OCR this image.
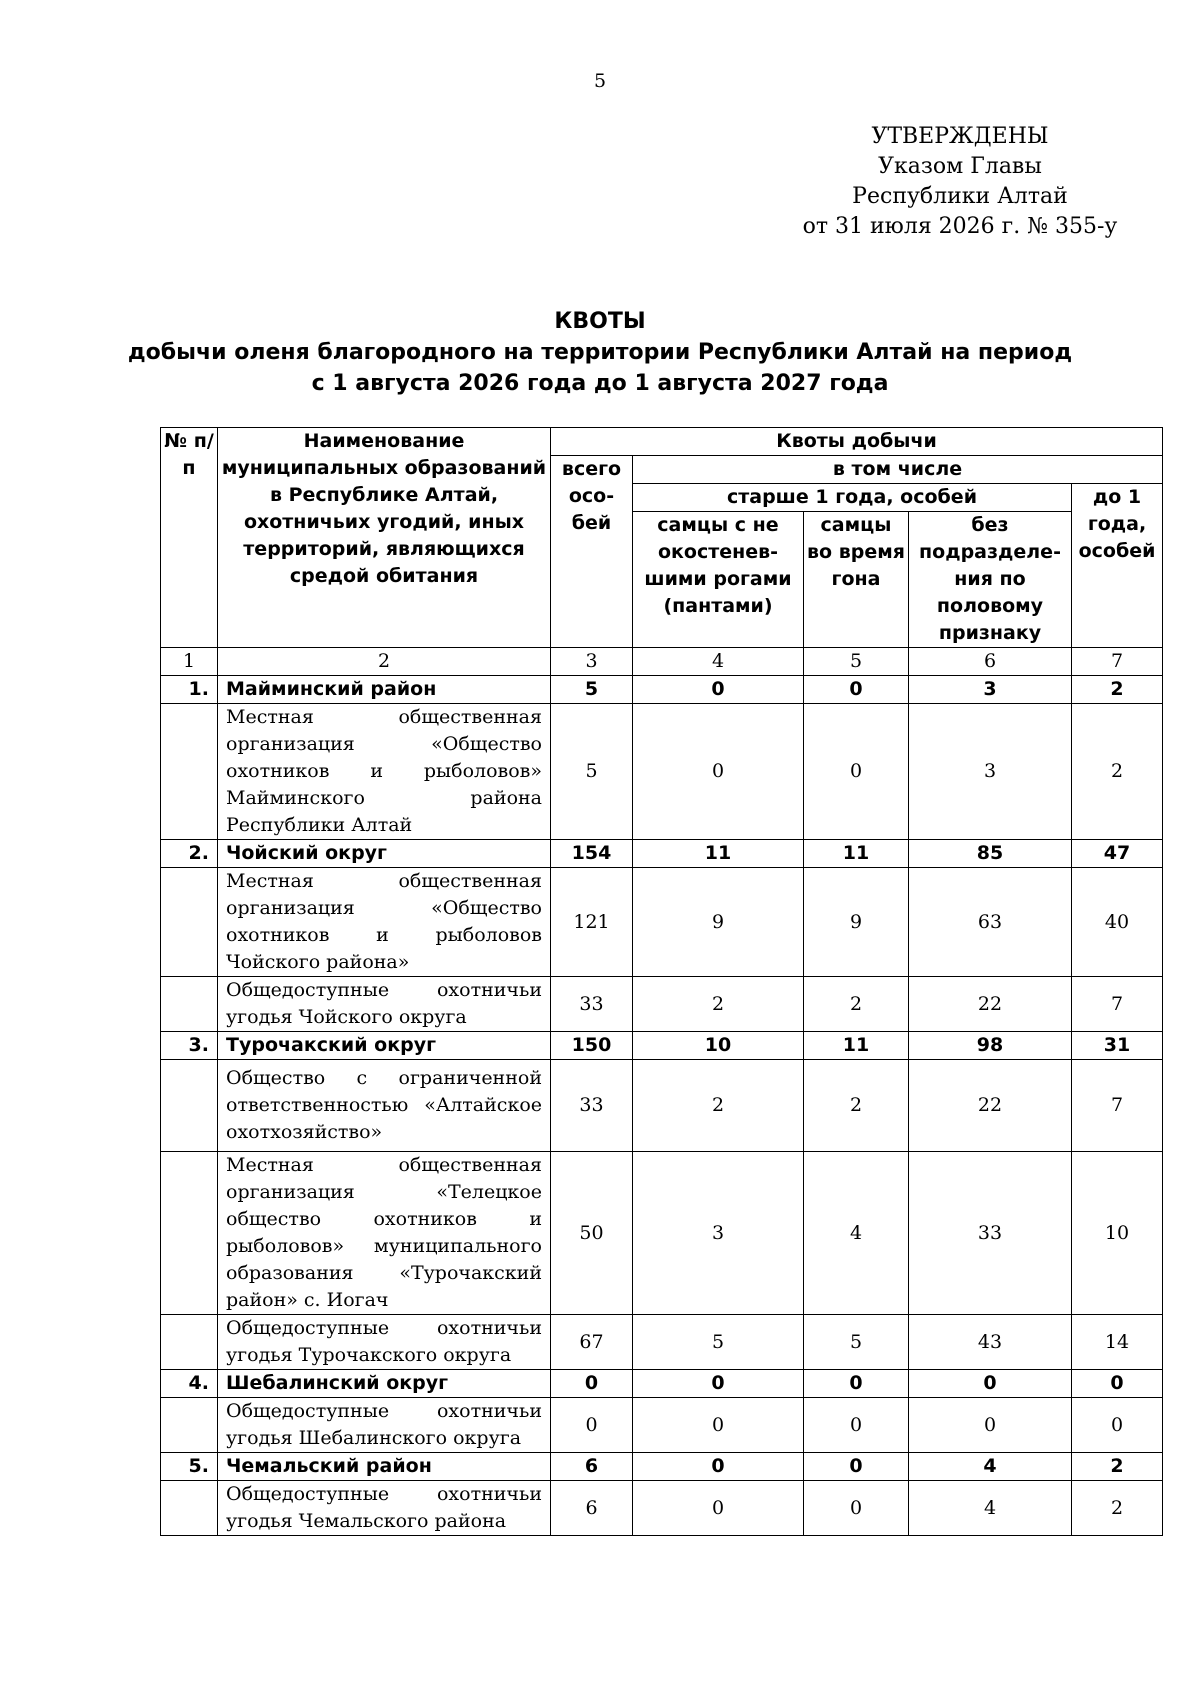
5
УТВЕРЖДЕНЫ
Указом Главы
Республики Алтай
от 31 июля 2026 г. № 355-у
КВОТЫ
добычи оленя благородного на территории Республики Алтай на период
с 1 августа 2026 года до 1 августа 2027 года
№ п/п	Наименование муниципальных образований в Республике Алтай, охотничьих угодий, иных территорий, являющихся средой обитания	Квоты добычи				
		всего осо- бей	в том числе			
			старше 1 года, особей			до 1 года, особей
			самцы с не окостенев- шими рогами (пантами)	самцы во время гона	без подразделе- ния по половому признаку	

1	2	3	4	5	6	7
1.	Майминский район	5	0	0	3	2
	Местная общественная организация «Общество охотников и рыболовов» Майминского района Республики Алтай	5	0	0	3	2
2.	Чойский округ	154	11	11	85	47
	Местная общественная организация «Общество охотников и рыболовов Чойского района»	121	9	9	63	40
	Общедоступные охотничьи угодья Чойского округа	33	2	2	22	7
3.	Турочакский округ	150	10	11	98	31
	Общество с ограниченной ответственностью «Алтайское охотхозяйство»	33	2	2	22	7
	Местная общественная организация «Телецкое общество охотников и рыболовов» муниципального образования «Турочакский район» с. Иогач	50	3	4	33	10
	Общедоступные охотничьи угодья Турочакского округа	67	5	5	43	14
4.	Шебалинский округ	0	0	0	0	0
	Общедоступные охотничьи угодья Шебалинского округа	0	0	0	0	0
5.	Чемальский район	6	0	0	4	2
	Общедоступные охотничьи угодья Чемальского района	6	0	0	4	2
